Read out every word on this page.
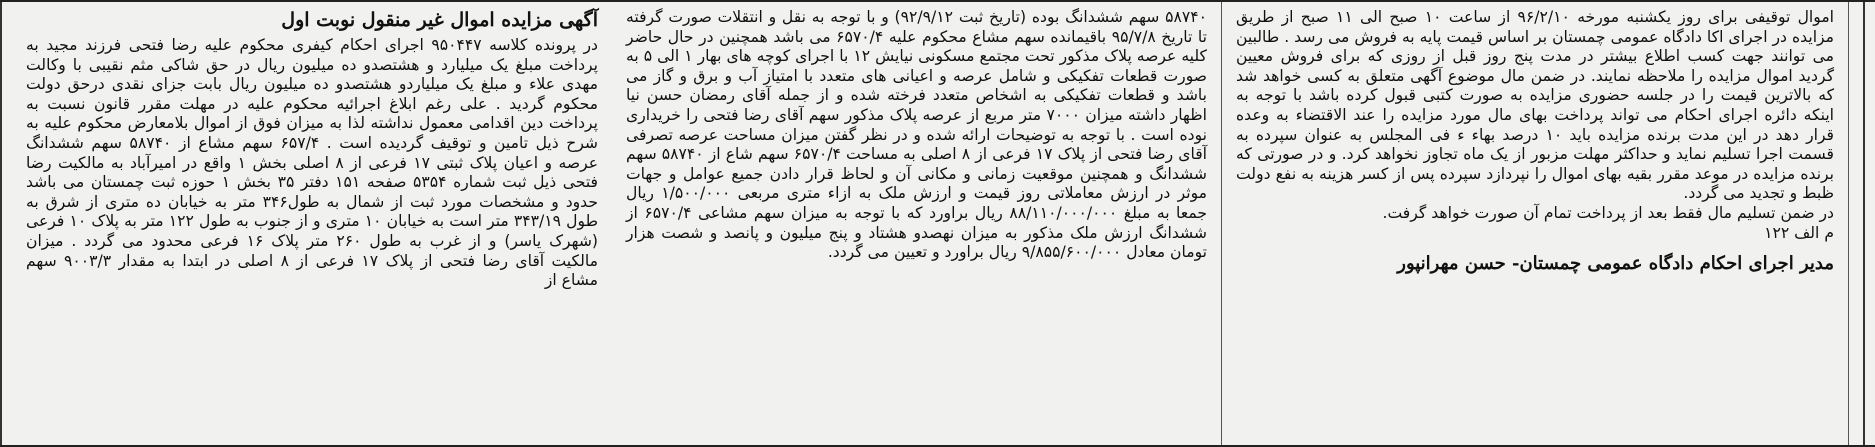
آگهی مزایده اموال غیر منقول نوبت اول

در پرونده کلاسه ۹۵۰۴۴۷ اجرای احکام کیفری محکوم علیه رضا فتحی فرزند مجید به پرداخت مبلغ یک میلیارد و هشتصدو ده میلیون ریال در حق شاکی مثم نقیبی با وکالت مهدی علاء و مبلغ یک میلیاردو هشتصدو ده میلیون ریال بابت جزای نقدی درحق دولت محکوم گردید . علی رغم ابلاغ اجرائیه محکوم علیه در مهلت مقرر قانون نسبت به پرداخت دین اقدامی معمول نداشته لذا به میزان فوق از اموال بلامعارض محکوم علیه به شرح ذیل تامین و توقیف گردیده است . ۶۵۷/۴ سهم مشاع از ۵۸۷۴۰ سهم ششدانگ عرصه و اعیان پلاک ثبتی ۱۷ فرعی از ۸ اصلی بخش ۱ واقع در امیرآباد به مالکیت رضا فتحی ذیل ثبت شماره ۵۳۵۴ صفحه ۱۵۱ دفتر ۳۵ بخش ۱ حوزه ثبت چمستان می باشد حدود و مشخصات مورد ثبت از شمال به طول۳۴۶ متر به خیابان ده متری از شرق به طول ۳۴۳/۱۹ متر است به خیابان ۱۰ متری و از جنوب به طول ۱۲۲ متر به پلاک ۱۰ فرعی (شهرک یاسر) و از غرب به طول ۲۶۰ متر پلاک ۱۶ فرعی محدود می گردد . میزان مالکیت آقای رضا فتحی از پلاک ۱۷ فرعی از ۸ اصلی در ابتدا به مقدار ۹۰۰۳/۳ سهم مشاع از

۵۸۷۴۰ سهم ششدانگ بوده (تاریخ ثبت ۹۲/۹/۱۲) و با توجه به نقل و انتقلات صورت گرفته تا تاریخ ۹۵/۷/۸ باقیمانده سهم مشاع محکوم علیه ۶۵۷۰/۴ می باشد همچنین در حال حاضر کلیه عرصه پلاک مذکور تحت مجتمع مسکونی نیایش ۱۲ با اجرای کوچه های بهار ۱ الی ۵ به صورت قطعات تفکیکی و شامل عرصه و اعیانی های متعدد با امتیاز آب و برق و گاز می باشد و قطعات تفکیکی به اشخاص متعدد فرخته شده و از جمله آقای رمضان حسن نیا اظهار داشته میزان ۷۰۰۰ متر مربع از عرصه پلاک مذکور سهم آقای رضا فتحی را خریداری نوده است . با توجه به توضیحات ارائه شده و در نظر گفتن میزان مساحت عرصه تصرفی آقای رضا فتحی از پلاک ۱۷ فرعی از ۸ اصلی به مساحت ۶۵۷۰/۴ سهم شاع از ۵۸۷۴۰ سهم ششدانگ و همچنین موقعیت زمانی و مکانی آن و لحاظ قرار دادن جمیع عوامل و جهات موثر در ارزش معاملاتی روز قیمت و ارزش ملک به ازاء متری مربعی ۱/۵۰۰/۰۰۰ ریال جمعا به مبلغ ۸۸/۱۱۰/۰۰۰/۰۰۰ ریال براورد که با توجه به میزان سهم مشاعی ۶۵۷۰/۴ از ششدانگ ارزش ملک مذکور به میزان نهصدو هشتاد و پنج میلیون و پانصد و شصت هزار تومان معادل ۹/۸۵۵/۶۰۰/۰۰۰ ریال براورد و تعیین می گردد.

اموال توقیفی برای روز یکشنبه مورخه ۹۶/۲/۱۰ از ساعت ۱۰ صبح الی ۱۱ صبح از طریق مزایده در اجرای اکا دادگاه عمومی چمستان بر اساس قیمت پایه به فروش می رسد . طالبین می توانند جهت کسب اطلاع بیشتر در مدت پنج روز قبل از روزی که برای فروش معیین گردید اموال مزایده را ملاحظه نمایند. در ضمن مال موضوع آگهی متعلق به کسی خواهد شد که بالاترین قیمت را در جلسه حضوری مزایده به صورت کتبی قبول کرده باشد با توجه به اینکه دائره اجرای احکام می تواند پرداخت بهای مال مورد مزایده را عند الاقتضاء به وعده قرار دهد در این مدت برنده مزایده باید ۱۰ درصد بهاء ء فی المجلس به عنوان سپرده به قسمت اجرا تسلیم نماید و حداکثر مهلت مزبور از یک ماه تجاوز نخواهد کرد. و در صورتی که برنده مزایده در موعد مقرر بقیه بهای اموال را نپردازد سپرده پس از کسر هزینه به نفع دولت ظبط و تجدید می گردد.

در ضمن تسلیم مال فقط بعد از پرداخت تمام آن صورت خواهد گرفت.

م الف ۱۲۲

مدیر اجرای احکام دادگاه عمومی چمستان- حسن مهرانپور
